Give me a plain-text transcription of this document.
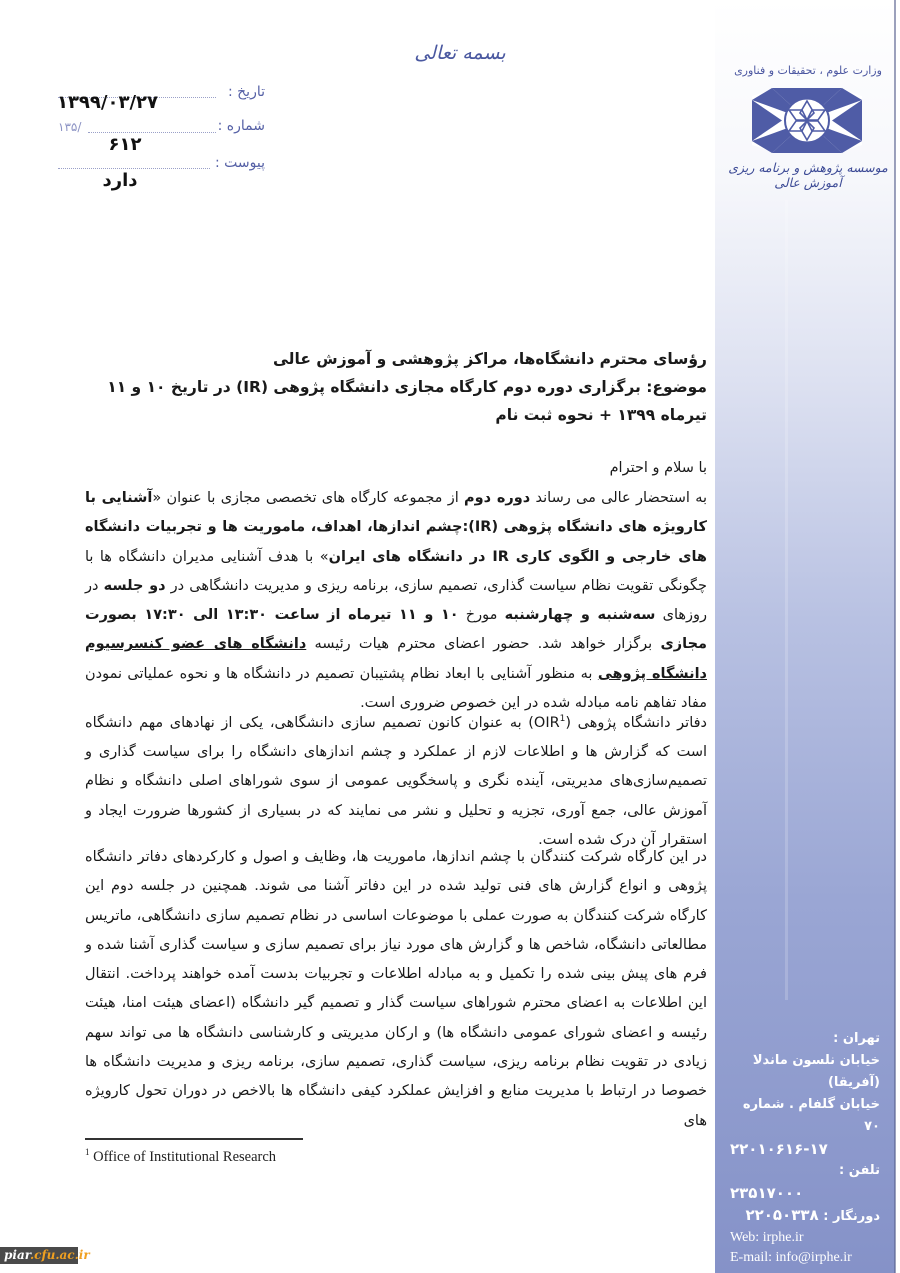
بسمه تعالی
وزارت علوم ، تحقیقات و فناوری
موسسه پژوهش و برنامه ریزی آموزش عالی
تاریخ :
۱۳۹۹/۰۳/۲۷
شماره :
۱۳۵/
۶۱۲
پیوست :
دارد
رؤسای محترم دانشگاه‌ها، مراکز پژوهشی و آموزش عالی
موضوع: برگزاری دوره دوم کارگاه مجازی دانشگاه پژوهی (IR) در تاریخ ۱۰ و ۱۱ تیرماه ۱۳۹۹ + نحوه ثبت نام
با سلام و احترام
به استحضار عالی می رساند دوره دوم از مجموعه کارگاه های تخصصی مجازی با عنوان «آشنایی با کارویژه های دانشگاه پژوهی (IR):چشم اندازها، اهداف، ماموریت ها و تجربیات دانشگاه های خارجی و الگوی کاری IR در دانشگاه های ایران» با هدف آشنایی مدیران دانشگاه ها با چگونگی تقویت نظام سیاست گذاری، تصمیم سازی، برنامه ریزی و مدیریت دانشگاهی در دو جلسه در روزهای سه‌شنبه و چهارشنبه مورخ ۱۰ و ۱۱ تیرماه از ساعت ۱۳:۳۰ الی ۱۷:۳۰ بصورت مجازی برگزار خواهد شد. حضور اعضای محترم هیات رئیسه دانشگاه های عضو کنسرسیوم دانشگاه پژوهی به منظور آشنایی با ابعاد نظام پشتیبان تصمیم در دانشگاه ها و نحوه عملیاتی نمودن مفاد تفاهم نامه مبادله شده در این خصوص ضروری است.
دفاتر دانشگاه پژوهی (OIR$^1$) به عنوان کانون تصمیم سازی دانشگاهی، یکی از نهادهای مهم دانشگاه است که گزارش ها و اطلاعات لازم از عملکرد و چشم اندازهای دانشگاه را برای سیاست گذاری و تصمیم‌سازی‌های مدیریتی، آینده نگری و پاسخگویی عمومی از سوی شوراهای اصلی دانشگاه و نظام آموزش عالی، جمع آوری، تجزیه و تحلیل و نشر می نمایند که در بسیاری از کشورها ضرورت ایجاد و استقرار آن درک شده است.
در این کارگاه شرکت کنندگان با چشم اندازها، ماموریت ها، وظایف و اصول و کارکردهای دفاتر دانشگاه پژوهی و انواع گزارش های فنی تولید شده در این دفاتر آشنا می شوند. همچنین در جلسه دوم این کارگاه شرکت کنندگان به صورت عملی با موضوعات اساسی در نظام تصمیم سازی دانشگاهی، ماتریس مطالعاتی دانشگاه، شاخص ها و گزارش های مورد نیاز برای تصمیم سازی و سیاست گذاری آشنا شده و فرم های پیش بینی شده را تکمیل و به مبادله اطلاعات و تجربیات بدست آمده خواهند پرداخت. انتقال این اطلاعات به اعضای محترم شوراهای سیاست گذار و تصمیم گیر دانشگاه (اعضای هیئت امنا، هیئت رئیسه و اعضای شورای عمومی دانشگاه ها) و ارکان مدیریتی و کارشناسی دانشگاه ها می تواند سهم زیادی در تقویت نظام برنامه ریزی، سیاست گذاری، تصمیم سازی، برنامه ریزی و مدیریت دانشگاه ها خصوصا در ارتباط با مدیریت منابع و افزایش عملکرد کیفی دانشگاه ها بالاخص در دوران تحول کارویژه های
$^1$ Office of Institutional Research
تهران :
خیابان نلسون ماندلا (آفریقا)
خیابان گلفام . شماره ۷۰
۲۲۰۱۰۶۱۶-۱۷
تلفن :
۲۳۵۱۷۰۰۰
دورنگار : ۲۲۰۵۰۳۳۸
Web: irphe.ir
E-mail: info@irphe.ir
piar.cfu.ac.ir
